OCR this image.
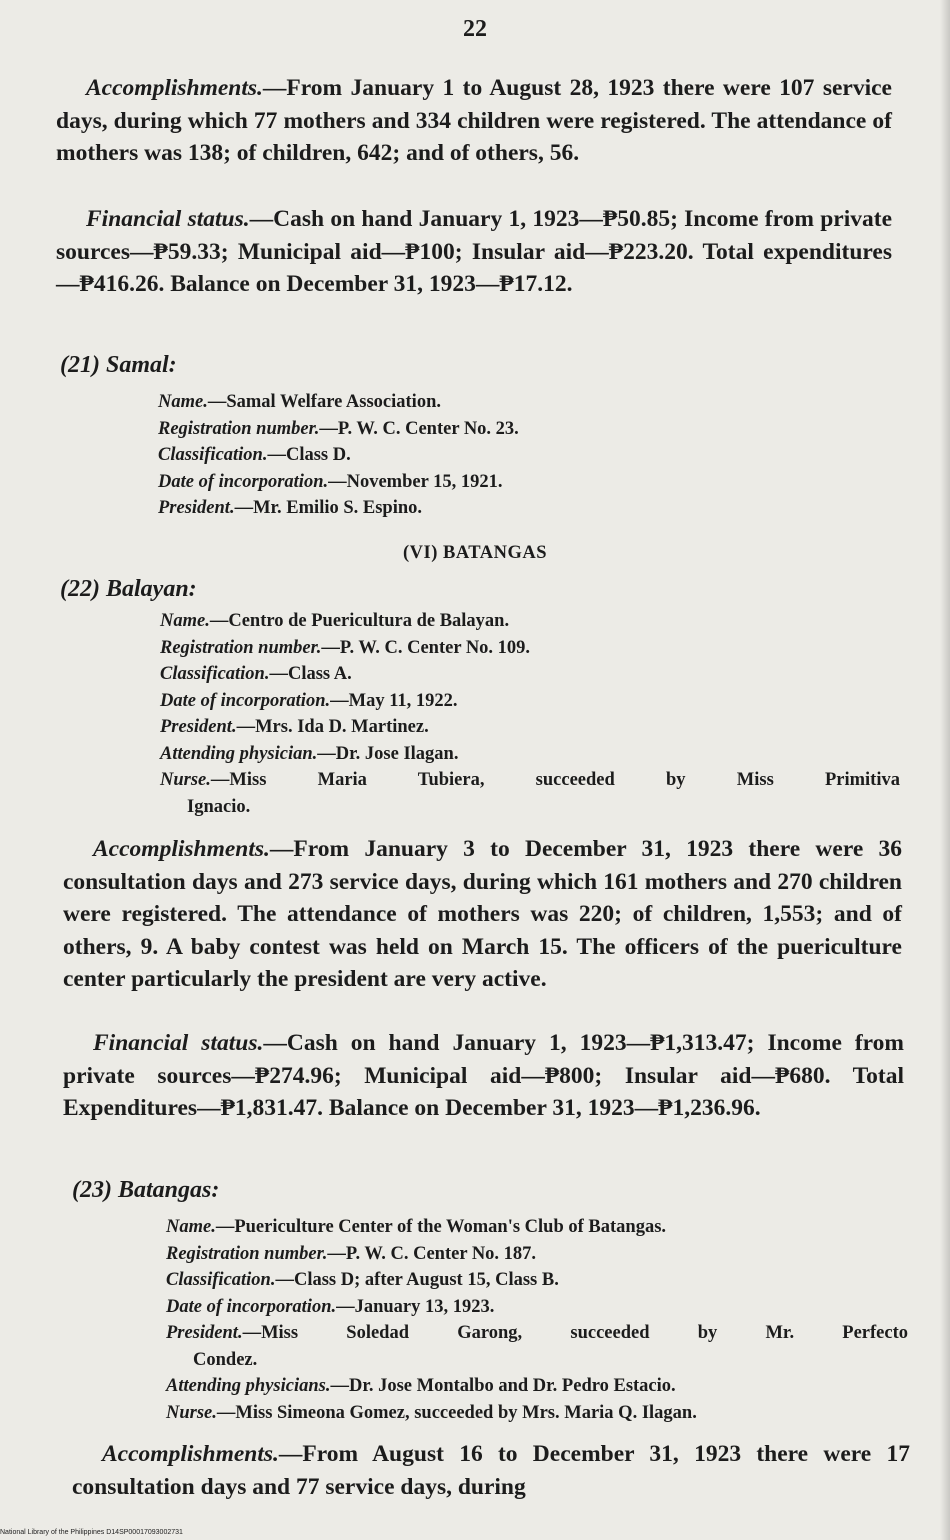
22
Accomplishments.—From January 1 to August 28, 1923 there were 107 service days, during which 77 mothers and 334 children were registered. The attendance of mothers was 138; of children, 642; and of others, 56.
Financial status.—Cash on hand January 1, 1923—₱50.85; Income from private sources—₱59.33; Municipal aid—₱100; Insular aid—₱223.20. Total expenditures—₱416.26. Balance on December 31, 1923—₱17.12.
(21) Samal:
Name.—Samal Welfare Association.
Registration number.—P. W. C. Center No. 23.
Classification.—Class D.
Date of incorporation.—November 15, 1921.
President.—Mr. Emilio S. Espino.
(VI) BATANGAS
(22) Balayan:
Name.—Centro de Puericultura de Balayan.
Registration number.—P. W. C. Center No. 109.
Classification.—Class A.
Date of incorporation.—May 11, 1922.
President.—Mrs. Ida D. Martinez.
Attending physician.—Dr. Jose Ilagan.
Nurse.—Miss Maria Tubiera, succeeded by Miss Primitiva
Ignacio.
Accomplishments.—From January 3 to December 31, 1923 there were 36 consultation days and 273 service days, during which 161 mothers and 270 children were registered. The attendance of mothers was 220; of children, 1,553; and of others, 9. A baby contest was held on March 15. The officers of the puericulture center particularly the president are very active.
Financial status.—Cash on hand January 1, 1923—₱1,313.47; Income from private sources—₱274.96; Municipal aid—₱800; Insular aid—₱680. Total Expenditures—₱1,831.47. Balance on December 31, 1923—₱1,236.96.
(23) Batangas:
Name.—Puericulture Center of the Woman's Club of Batangas.
Registration number.—P. W. C. Center No. 187.
Classification.—Class D; after August 15, Class B.
Date of incorporation.—January 13, 1923.
President.—Miss Soledad Garong, succeeded by Mr. Perfecto
Condez.
Attending physicians.—Dr. Jose Montalbo and Dr. Pedro Estacio.
Nurse.—Miss Simeona Gomez, succeeded by Mrs. Maria Q. Ilagan.
Accomplishments.—From August 16 to December 31, 1923 there were 17 consultation days and 77 service days, during
National Library of the Philippines D14SP00017093002731
